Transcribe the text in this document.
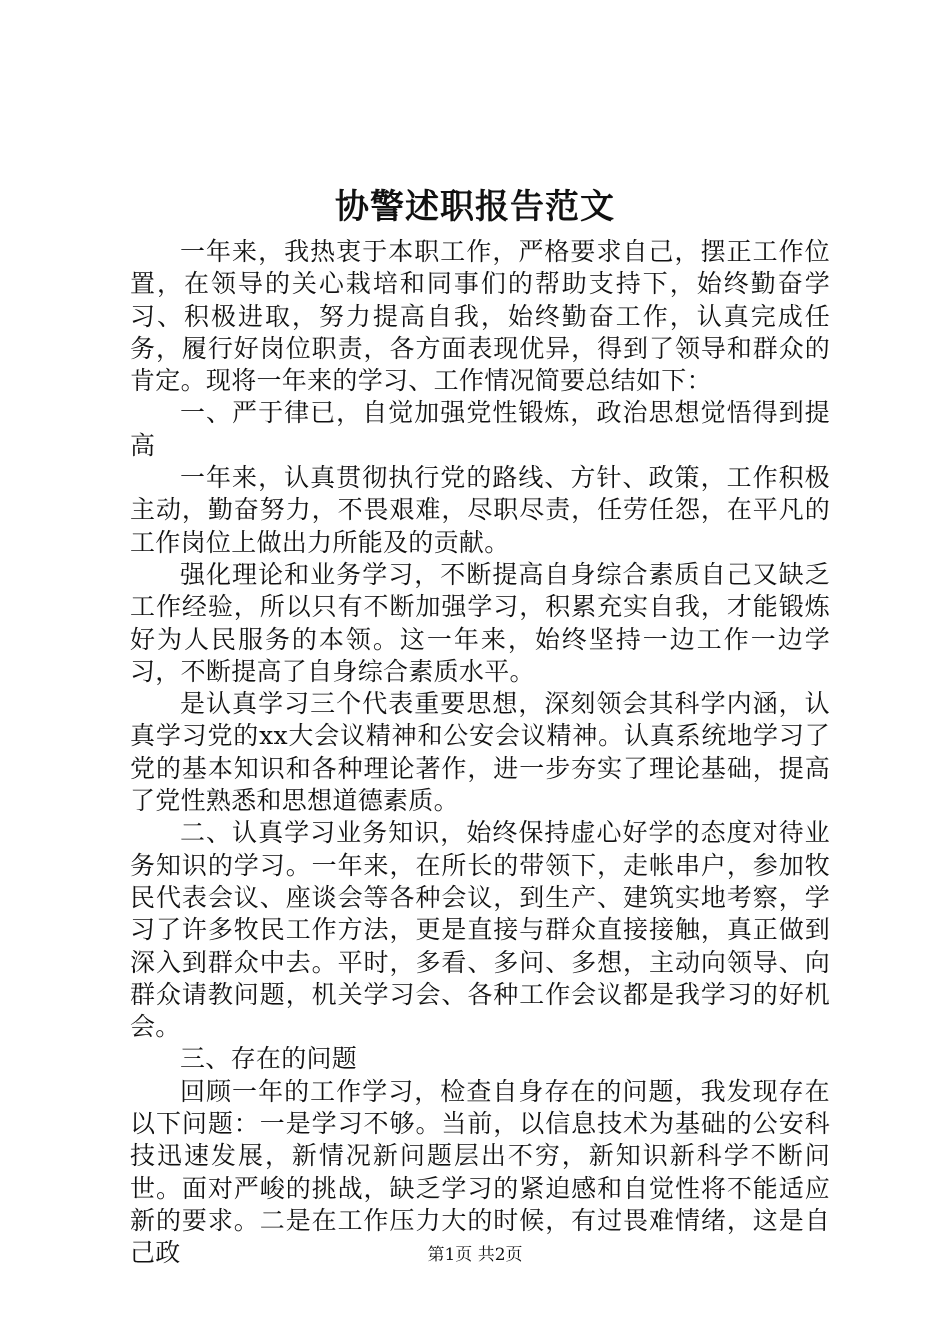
协警述职报告范文

一年来，我热衷于本职工作，严格要求自己，摆正工作位置，在领导的关心栽培和同事们的帮助支持下，始终勤奋学习、积极进取，努力提高自我，始终勤奋工作，认真完成任务，履行好岗位职责，各方面表现优异，得到了领导和群众的肯定。现将一年来的学习、工作情况简要总结如下：

一、严于律已，自觉加强党性锻炼，政治思想觉悟得到提高

一年来，认真贯彻执行党的路线、方针、政策，工作积极主动，勤奋努力，不畏艰难，尽职尽责，任劳任怨，在平凡的工作岗位上做出力所能及的贡献。

强化理论和业务学习，不断提高自身综合素质自己又缺乏工作经验，所以只有不断加强学习，积累充实自我，才能锻炼好为人民服务的本领。这一年来，始终坚持一边工作一边学习，不断提高了自身综合素质水平。

是认真学习三个代表重要思想，深刻领会其科学内涵，认真学习党的xx大会议精神和公安会议精神。认真系统地学习了党的基本知识和各种理论著作，进一步夯实了理论基础，提高了党性熟悉和思想道德素质。

二、认真学习业务知识，始终保持虚心好学的态度对待业务知识的学习。一年来，在所长的带领下，走帐串户，参加牧民代表会议、座谈会等各种会议，到生产、建筑实地考察，学习了许多牧民工作方法，更是直接与群众直接接触，真正做到深入到群众中去。平时，多看、多问、多想，主动向领导、向群众请教问题，机关学习会、各种工作会议都是我学习的好机会。

三、存在的问题

回顾一年的工作学习，检查自身存在的问题，我发现存在以下问题：一是学习不够。当前，以信息技术为基础的公安科技迅速发展，新情况新问题层出不穷，新知识新科学不断问世。面对严峻的挑战，缺乏学习的紧迫感和自觉性将不能适应新的要求。二是在工作压力大的时候，有过畏难情绪，这是自己政	第1页 共2页
